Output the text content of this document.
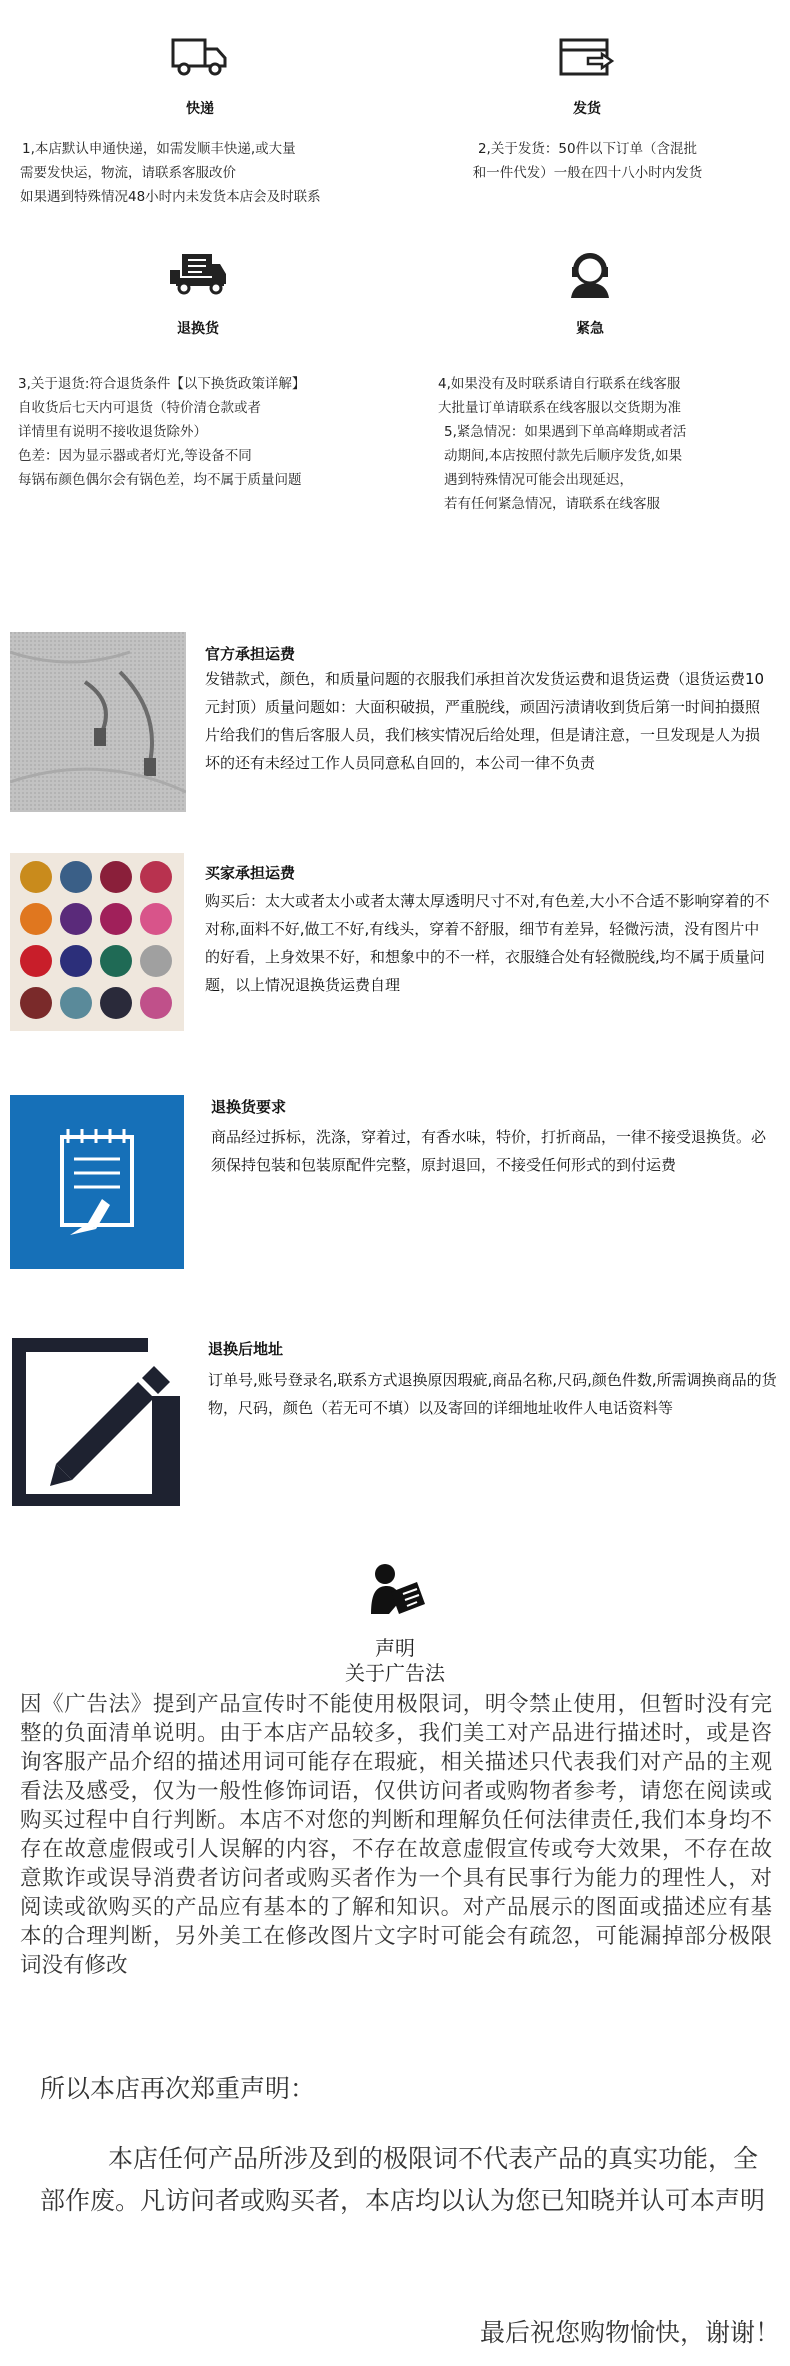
快递
1,本店默认申通快递，如需发顺丰快递,或大量
需要发快运，物流，请联系客服改价
如果遇到特殊情况48小时内未发货本店会及时联系
发货
2,关于发货：50件以下订单（含混批
和一件代发）一般在四十八小时内发货
退换货
3,关于退货:符合退货条件【以下换货政策详解】
自收货后七天内可退货（特价清仓款或者
详情里有说明不接收退货除外）
色差：因为显示器或者灯光,等设备不同
每锅布颜色偶尔会有锅色差，均不属于质量问题
紧急
4,如果没有及时联系请自行联系在线客服
大批量订单请联系在线客服以交货期为准
5,紧急情况：如果遇到下单高峰期或者活
动期间,本店按照付款先后顺序发货,如果
遇到特殊情况可能会出现延迟，
若有任何紧急情况，请联系在线客服
官方承担运费
发错款式，颜色，和质量问题的衣服我们承担首次发货运费和退货运费（退货运费10元封顶）质量问题如：大面积破损，严重脱线，顽固污渍请收到货后第一时间拍摄照片给我们的售后客服人员，我们核实情况后给处理，但是请注意，一旦发现是人为损坏的还有未经过工作人员同意私自回的，本公司一律不负责
买家承担运费
购买后：太大或者太小或者太薄太厚透明尺寸不对,有色差,大小不合适不影响穿着的不对称,面料不好,做工不好,有线头，穿着不舒服，细节有差异，轻微污渍，没有图片中的好看，上身效果不好，和想象中的不一样，衣服缝合处有轻微脱线,均不属于质量问题，以上情况退换货运费自理
退换货要求
商品经过拆标，洗涤，穿着过，有香水味，特价，打折商品，一律不接受退换货。必须保持包装和包装原配件完整，原封退回，不接受任何形式的到付运费
退换后地址
订单号,账号登录名,联系方式退换原因瑕疵,商品名称,尺码,颜色件数,所需调换商品的货物，尺码，颜色（若无可不填）以及寄回的详细地址收件人电话资料等
声明
关于广告法
因《广告法》提到产品宣传时不能使用极限词，明令禁止使用，但暂时没有完整的负面清单说明。由于本店产品较多，我们美工对产品进行描述时，或是咨询客服产品介绍的描述用词可能存在瑕疵，相关描述只代表我们对产品的主观看法及感受，仅为一般性修饰词语，仅供访问者或购物者参考，请您在阅读或购买过程中自行判断。本店不对您的判断和理解负任何法律责任,我们本身均不存在故意虚假或引人误解的内容，不存在故意虚假宣传或夸大效果，不存在故意欺诈或误导消费者访问者或购买者作为一个具有民事行为能力的理性人，对阅读或欲购买的产品应有基本的了解和知识。对产品展示的图面或描述应有基本的合理判断，另外美工在修改图片文字时可能会有疏忽，可能漏掉部分极限词没有修改
所以本店再次郑重声明：
本店任何产品所涉及到的极限词不代表产品的真实功能，全部作废。凡访问者或购买者，本店均以认为您已知晓并认可本声明
最后祝您购物愉快，谢谢！
